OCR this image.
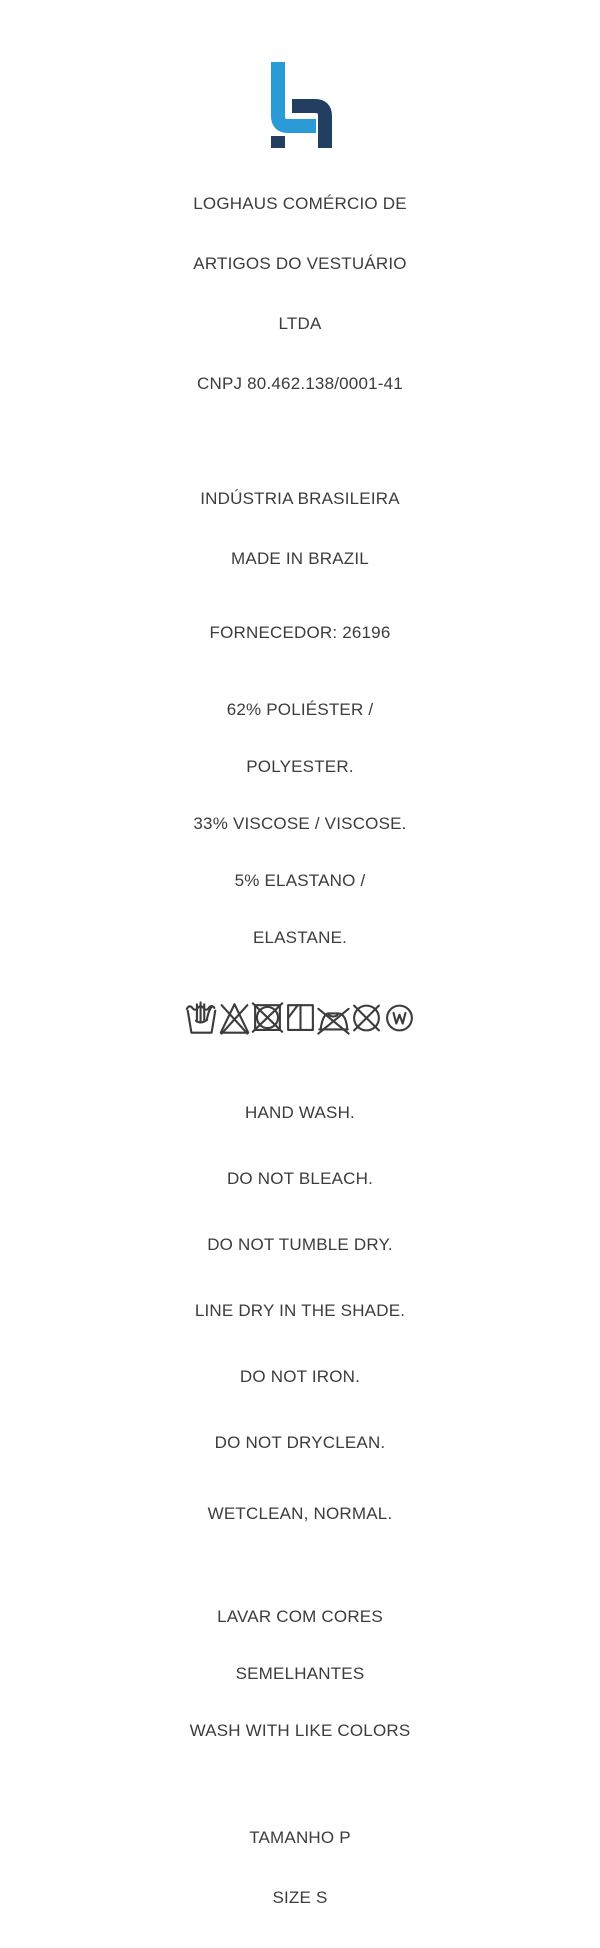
LOGHAUS COMÉRCIO DE

ARTIGOS DO VESTUÁRIO

LTDA

CNPJ 80.462.138/0001-41

INDÚSTRIA BRASILEIRA

MADE IN BRAZIL

FORNECEDOR: 26196

62% POLIÉSTER /

POLYESTER.

33% VISCOSE / VISCOSE.

5% ELASTANO /

ELASTANE.

HAND WASH.

DO NOT BLEACH.

DO NOT TUMBLE DRY.

LINE DRY IN THE SHADE.

DO NOT IRON.

DO NOT DRYCLEAN.

WETCLEAN, NORMAL.

LAVAR COM CORES

SEMELHANTES

WASH WITH LIKE COLORS

TAMANHO P

SIZE S
